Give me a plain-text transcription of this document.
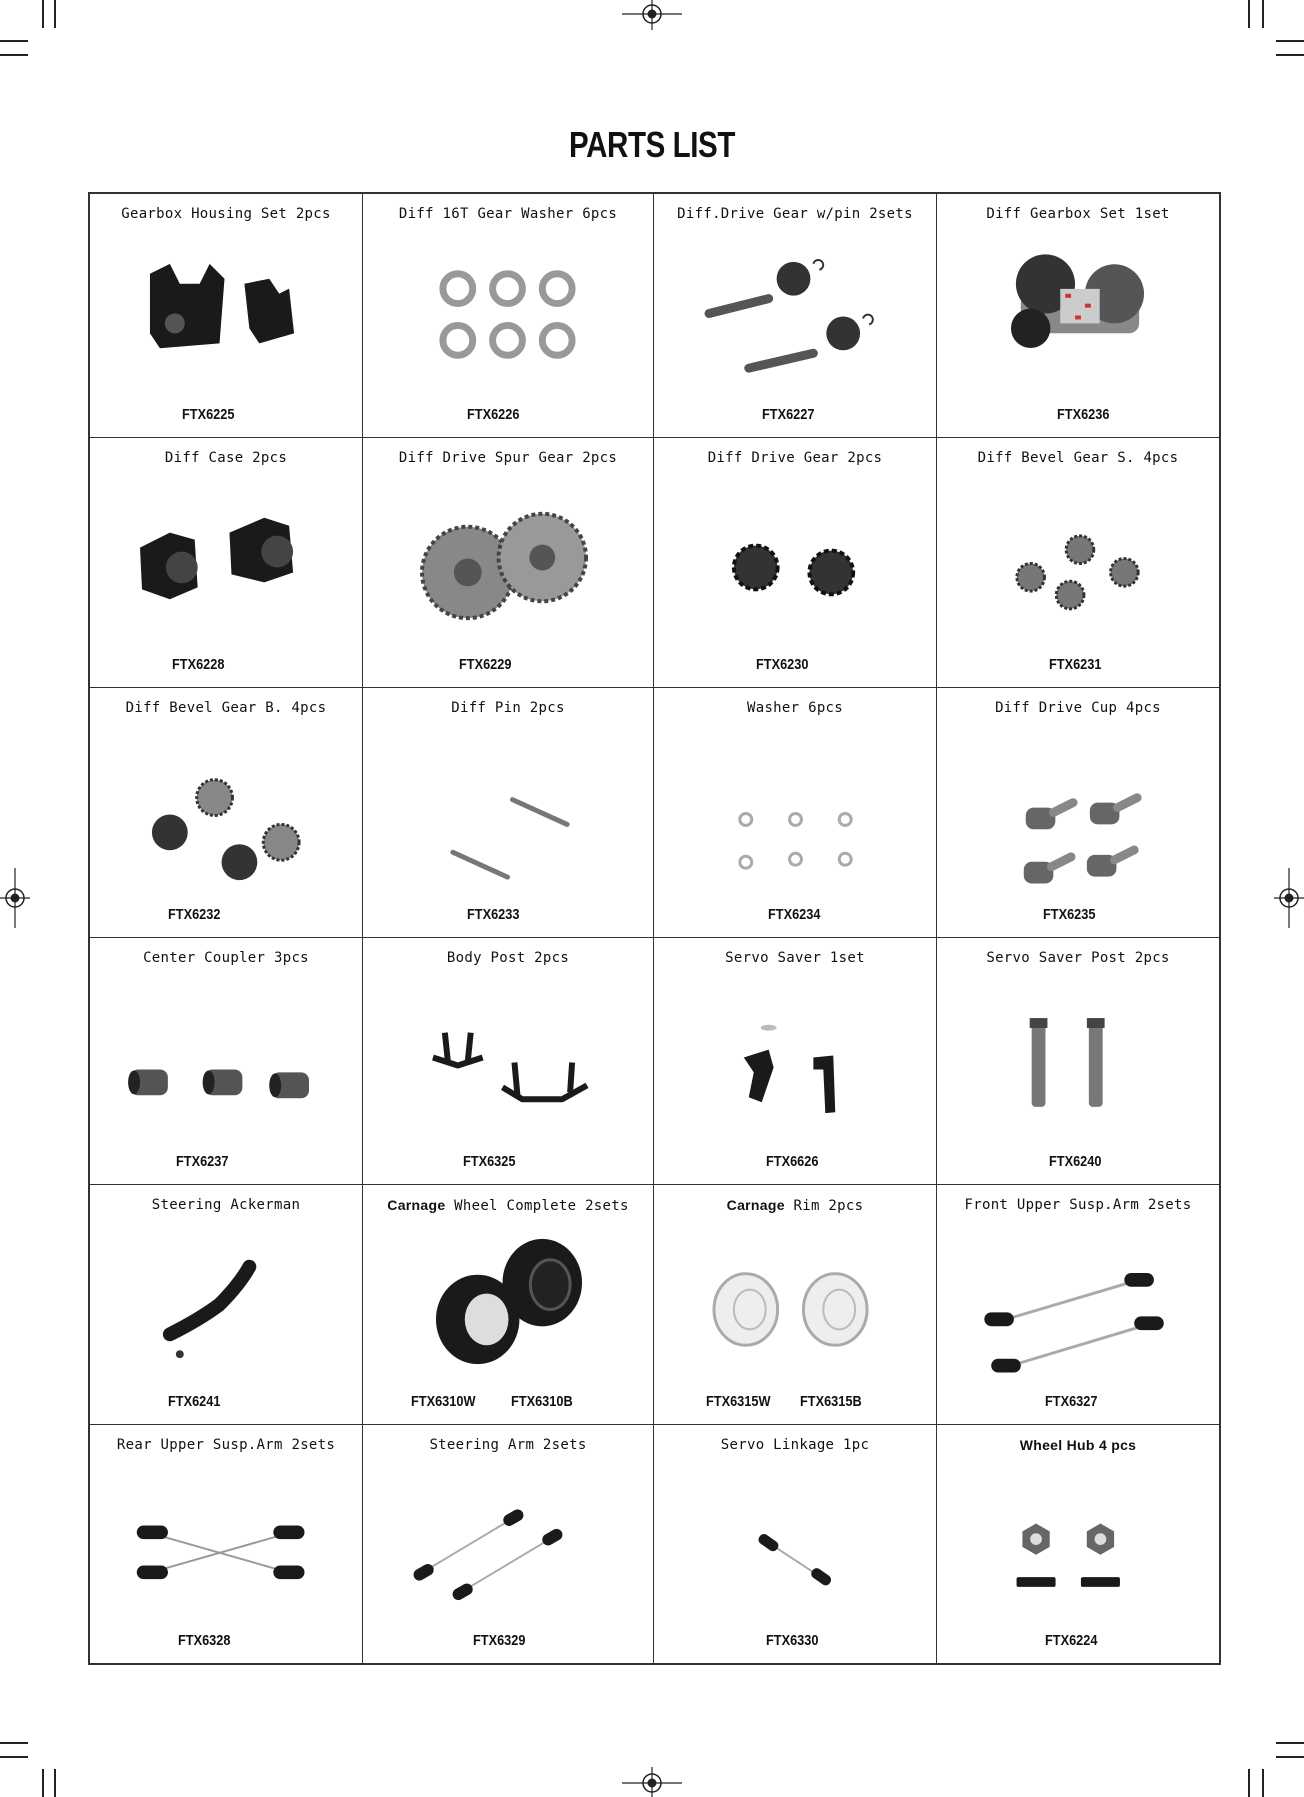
PARTS LIST
Gearbox Housing Set 2pcs
FTX6225
Diff 16T Gear Washer 6pcs
FTX6226
Diff.Drive Gear w/pin 2sets
FTX6227
Diff Gearbox Set 1set
FTX6236
Diff Case 2pcs
FTX6228
Diff Drive Spur Gear 2pcs
FTX6229
Diff Drive Gear 2pcs
FTX6230
Diff Bevel Gear S. 4pcs
FTX6231
Diff Bevel Gear B. 4pcs
FTX6232
Diff Pin 2pcs
FTX6233
Washer 6pcs
FTX6234
Diff Drive Cup 4pcs
FTX6235
Center Coupler 3pcs
FTX6237
Body Post 2pcs
FTX6325
Servo Saver 1set
FTX6626
Servo Saver Post 2pcs
FTX6240
Steering Ackerman
FTX6241
Carnage Wheel Complete 2sets
FTX6310W FTX6310B
Carnage Rim 2pcs
FTX6315W FTX6315B
Front Upper Susp.Arm 2sets
FTX6327
Rear Upper Susp.Arm 2sets
FTX6328
Steering Arm 2sets
FTX6329
Servo Linkage 1pc
FTX6330
Wheel Hub 4 pcs
FTX6224
